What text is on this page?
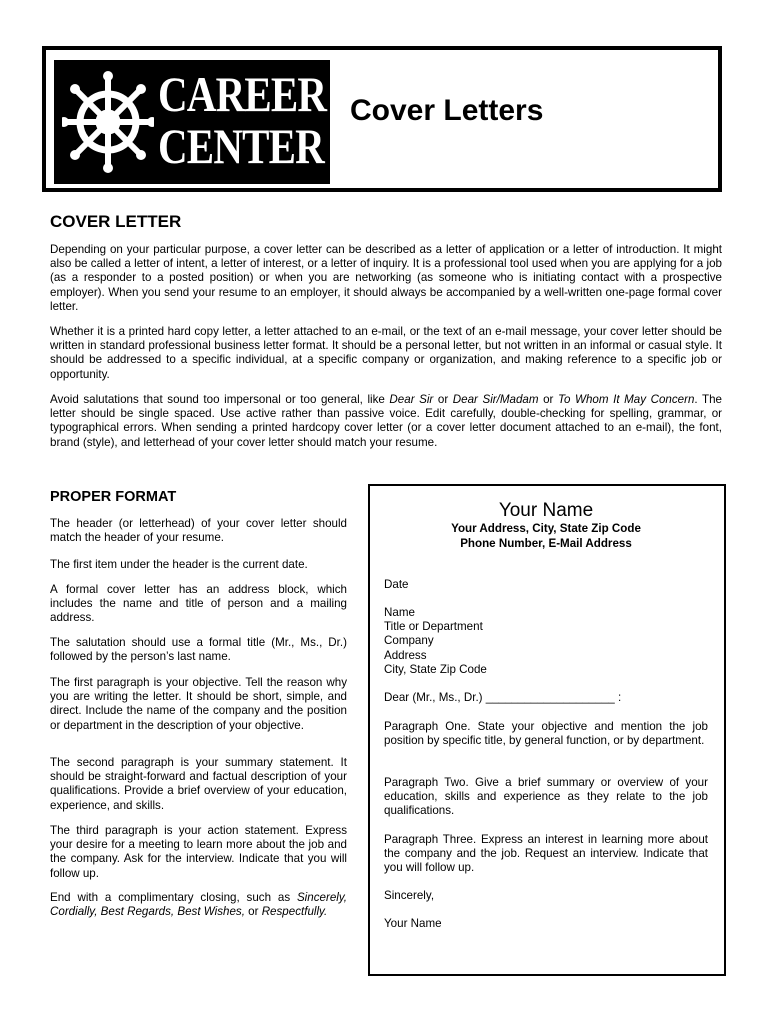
CAREER
CENTER
Cover Letters
COVER LETTER

Depending on your particular purpose, a cover letter can be described as a letter of application or a letter of introduction. It might also be called a letter of intent, a letter of interest, or a letter of inquiry. It is a professional tool used when you are applying for a job (as a responder to a posted position) or when you are networking (as someone who is initiating contact with a prospective employer). When you send your resume to an employer, it should always be accompanied by a well-written one-page formal cover letter.

Whether it is a printed hard copy letter, a letter attached to an e-mail, or the text of an e-mail message, your cover letter should be written in standard professional business letter format. It should be a personal letter, but not written in an informal or casual style. It should be addressed to a specific individual, at a specific company or organization, and making reference to a specific job or opportunity.

Avoid salutations that sound too impersonal or too general, like Dear Sir or Dear Sir/Madam or To Whom It May Concern. The letter should be single spaced. Use active rather than passive voice. Edit carefully, double-checking for spelling, grammar, or typographical errors. When sending a printed hardcopy cover letter (or a cover letter document attached to an e-mail), the font, brand (style), and letterhead of your cover letter should match your resume.

PROPER FORMAT

The header (or letterhead) of your cover letter should match the header of your resume.

The first item under the header is the current date.

A formal cover letter has an address block, which includes the name and title of person and a mailing address.

The salutation should use a formal title (Mr., Ms., Dr.) followed by the person’s last name.

The first paragraph is your objective. Tell the reason why you are writing the letter. It should be short, simple, and direct. Include the name of the company and the position or department in the description of your objective.

The second paragraph is your summary statement. It should be straight-forward and factual description of your qualifications. Provide a brief overview of your education, experience, and skills.

The third paragraph is your action statement. Express your desire for a meeting to learn more about the job and the company. Ask for the interview. Indicate that you will follow up.

End with a complimentary closing, such as Sincerely, Cordially, Best Regards, Best Wishes, or Respectfully.

Your Name
Your Address, City, State Zip Code
Phone Number, E-Mail Address
Date
Name
Title or Department
Company
Address
City, State Zip Code
Dear (Mr., Ms., Dr.) ____________________ :

Paragraph One. State your objective and mention the job position by specific title, by general function, or by department.

Paragraph Two. Give a brief summary or overview of your education, skills and experience as they relate to the job qualifications.

Paragraph Three. Express an interest in learning more about the company and the job. Request an interview. Indicate that you will follow up.

Sincerely,
Your Name
